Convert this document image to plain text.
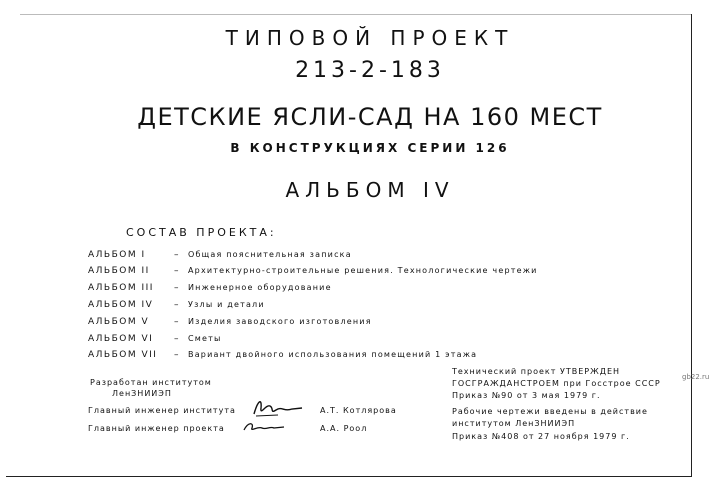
ТИПОВОЙ ПРОЕКТ
213-2-183
ДЕТСКИЕ ЯСЛИ-САД НА 160 МЕСТ
В КОНСТРУКЦИЯХ СЕРИИ 126
АЛЬБОМ IV
СОСТАВ ПРОЕКТА:
АЛЬБОМ I	– Общая пояснительная записка
АЛЬБОМ II	– Архитектурно-строительные решения. Технологические чертежи
АЛЬБОМ III	– Инженерное оборудование
АЛЬБОМ IV	– Узлы и детали
АЛЬБОМ V	– Изделия заводского изготовления
АЛЬБОМ VI	– Сметы
АЛЬБОМ VII	– Вариант двойного использования помещений 1 этажа
Разработан институтом
ЛенЗНИИЭП
Главный инженер института	А.Т. Котлярова
Главный инженер проекта	А.А. Роол
Технический проект УТВЕРЖДЕН
ГОСГРАЖДАНСТРОЕМ при Госстрое СССР
Приказ №90 от 3 мая 1979 г.
Рабочие чертежи введены в действие
институтом ЛенЗНИИЭП
Приказ №408 от 27 ноября 1979 г.
gb22.ru
